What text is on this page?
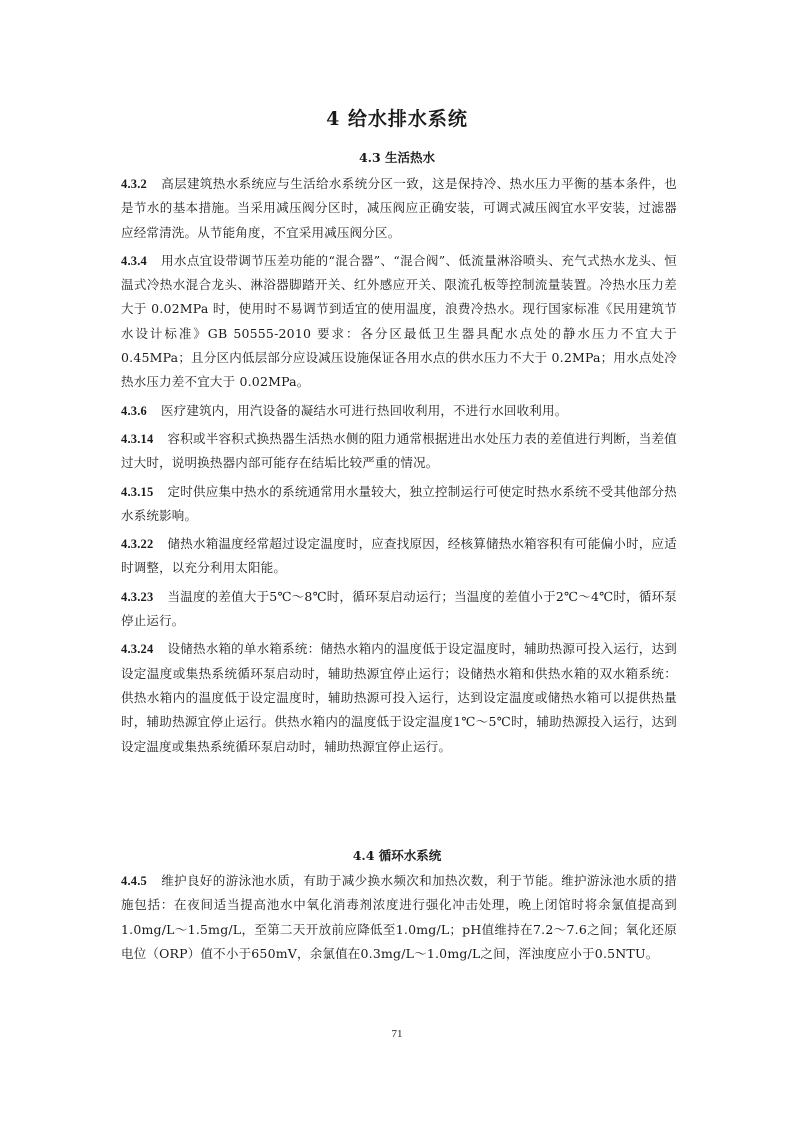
4 给水排水系统
4.3 生活热水

4.3.2 高层建筑热水系统应与生活给水系统分区一致，这是保持冷、热水压力平衡的基本条件，也是节水的基本措施。当采用减压阀分区时，减压阀应正确安装，可调式减压阀宜水平安装，过滤器应经常清洗。从节能角度，不宜采用减压阀分区。

4.3.4 用水点宜设带调节压差功能的“混合器”、“混合阀”、低流量淋浴喷头、充气式热水龙头、恒温式冷热水混合龙头、淋浴器脚踏开关、红外感应开关、限流孔板等控制流量装置。冷热水压力差大于 0.02MPa 时，使用时不易调节到适宜的使用温度，浪费冷热水。现行国家标准《民用建筑节水设计标准》GB 50555-2010 要求：各分区最低卫生器具配水点处的静水压力不宜大于 0.45MPa；且分区内低层部分应设减压设施保证各用水点的供水压力不大于 0.2MPa；用水点处冷热水压力差不宜大于 0.02MPa。

4.3.6 医疗建筑内，用汽设备的凝结水可进行热回收利用，不进行水回收利用。

4.3.14 容积或半容积式换热器生活热水侧的阻力通常根据进出水处压力表的差值进行判断，当差值过大时，说明换热器内部可能存在结垢比较严重的情况。

4.3.15 定时供应集中热水的系统通常用水量较大，独立控制运行可使定时热水系统不受其他部分热水系统影响。

4.3.22 储热水箱温度经常超过设定温度时，应查找原因，经核算储热水箱容积有可能偏小时，应适时调整，以充分利用太阳能。

4.3.23 当温度的差值大于5℃～8℃时，循环泵启动运行；当温度的差值小于2℃～4℃时，循环泵停止运行。

4.3.24 设储热水箱的单水箱系统：储热水箱内的温度低于设定温度时，辅助热源可投入运行，达到设定温度或集热系统循环泵启动时，辅助热源宜停止运行；设储热水箱和供热水箱的双水箱系统：供热水箱内的温度低于设定温度时，辅助热源可投入运行，达到设定温度或储热水箱可以提供热量时，辅助热源宜停止运行。供热水箱内的温度低于设定温度1℃～5℃时，辅助热源投入运行，达到设定温度或集热系统循环泵启动时，辅助热源宜停止运行。

4.4 循环水系统

4.4.5 维护良好的游泳池水质，有助于减少换水频次和加热次数，利于节能。维护游泳池水质的措施包括：在夜间适当提高池水中氧化消毒剂浓度进行强化冲击处理，晚上闭馆时将余氯值提高到1.0mg/L～1.5mg/L，至第二天开放前应降低至1.0mg/L；pH值维持在7.2～7.6之间；氧化还原电位（ORP）值不小于650mV，余氯值在0.3mg/L～1.0mg/L之间，浑浊度应小于0.5NTU。

71
